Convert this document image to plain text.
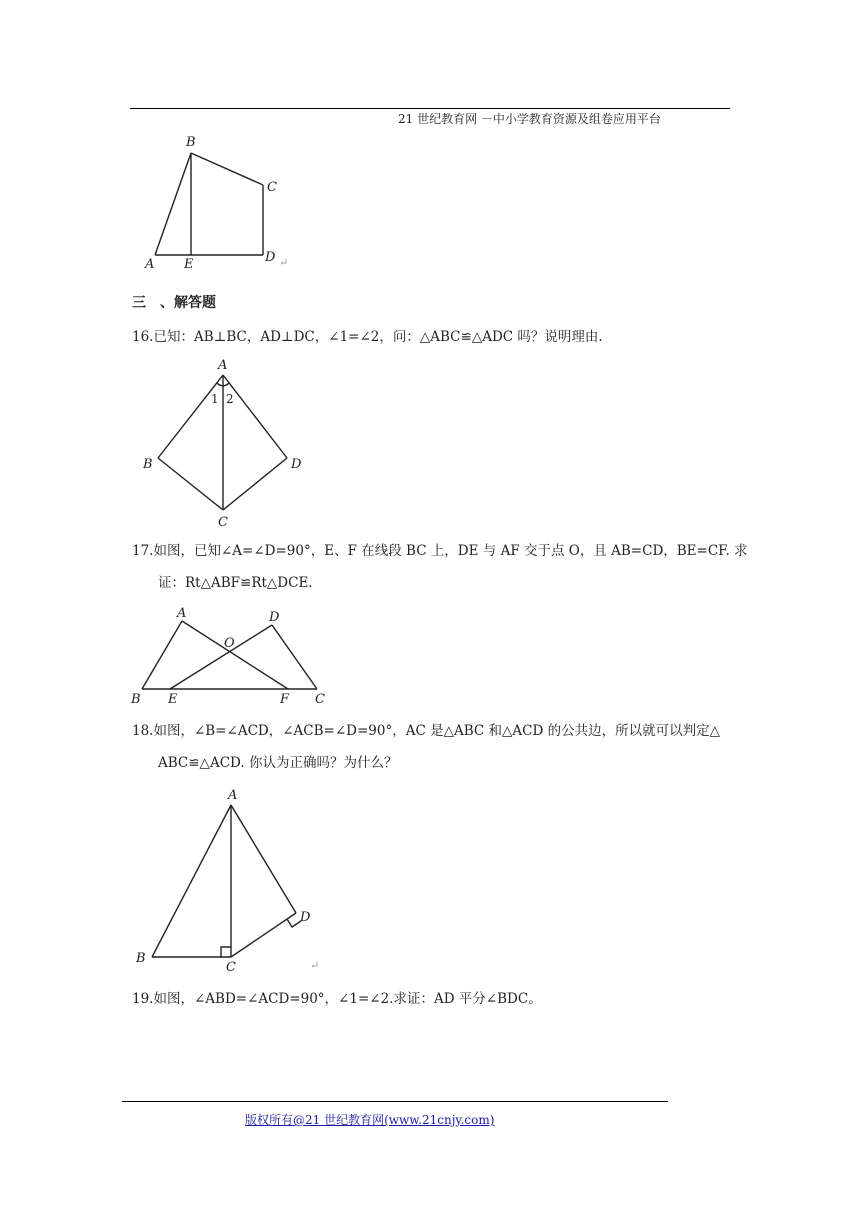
21 世纪教育网 －中小学教育资源及组卷应用平台
B
C
A E	D ↵
三　、解答题
16.已知：AB⊥BC，AD⊥DC，∠1=∠2，问：△ABC≌△ADC 吗？说明理由.
A
1 2
B	D
C
17.如图，已知∠A=∠D=90°，E、F 在线段 BC 上，DE 与 AF 交于点 O，且 AB=CD，BE=CF. 求
证：Rt△ABF≌Rt△DCE.
A	D
O
B E	F C
18.如图，∠B=∠ACD，∠ACB=∠D=90°，AC 是△ABC 和△ACD 的公共边，所以就可以判定△
ABC≌△ACD. 你认为正确吗？为什么？
A
D
B
C	↵
19.如图，∠ABD=∠ACD=90°，∠1=∠2.求证：AD 平分∠BDC。
版权所有@21 世纪教育网(www.21cnjy.com)
